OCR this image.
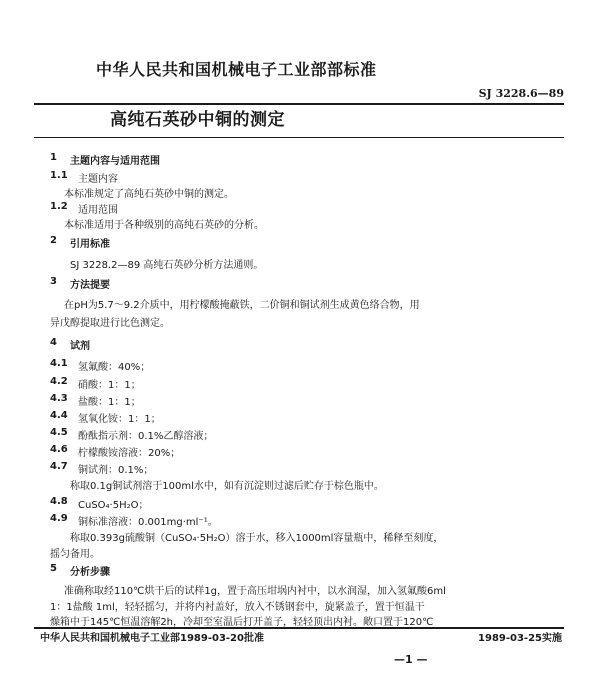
中华人民共和国机械电子工业部部标准
SJ 3228.6—89
高纯石英砂中铜的测定
1 主题内容与适用范围
1.1 主题内容
本标准规定了高纯石英砂中铜的测定。
1.2 适用范围
本标准适用于各种级别的高纯石英砂的分析。
2 引用标准
SJ 3228.2—89 高纯石英砂分析方法通则。
3 方法提要
在pH为5.7～9.2介质中，用柠檬酸掩蔽铁，二价铜和铜试剂生成黄色络合物，用
异戊醇提取进行比色测定。
4 试剂
4.1 氢氟酸：40%；
4.2 硝酸：1：1；
4.3 盐酸：1：1；
4.4 氢氧化铵：1：1；
4.5 酚酞指示剂：0.1%乙醇溶液；
4.6 柠檬酸铵溶液：20%；
4.7 铜试剂：0.1%；
称取0.1g铜试剂溶于100ml水中，如有沉淀则过滤后贮存于棕色瓶中。
4.8 CuSO₄·5H₂O；
4.9 铜标准溶液：0.001mg·ml⁻¹。
称取0.393g硫酸铜（CuSO₄·5H₂O）溶于水，移入1000ml容量瓶中，稀释至刻度，
摇匀备用。
5 分析步骤
准确称取经110℃烘干后的试样1g，置于高压坩埚内衬中，以水润湿，加入氢氟酸6ml
1：1盐酸 1ml，轻轻摇匀，并将内衬盖好，放入不锈钢套中，旋紧盖子，置于恒温干
燥箱中于145℃恒温溶解2h，冷却至室温后打开盖子，轻轻顶出内衬。敞口置于120℃
中华人民共和国机械电子工业部1989-03-20批准	1989-03-25实施
—1 —
